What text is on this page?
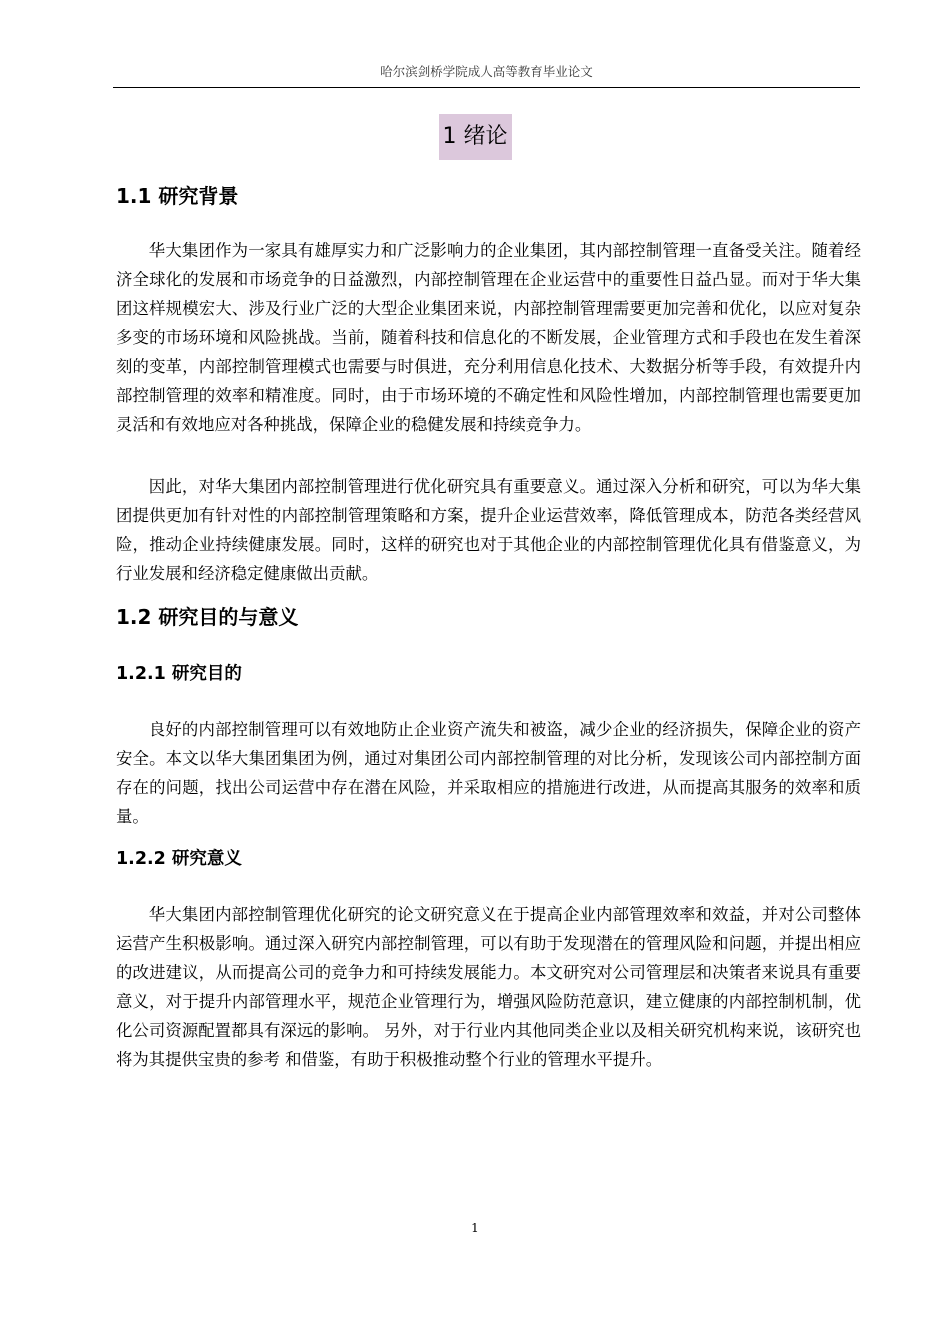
哈尔滨剑桥学院成人高等教育毕业论文
1 绪论
1.1 研究背景

华大集团作为一家具有雄厚实力和广泛影响力的企业集团，其内部控制管理一直备受关注。随着经济全球化的发展和市场竞争的日益激烈，内部控制管理在企业运营中的重要性日益凸显。而对于华大集团这样规模宏大、涉及行业广泛的大型企业集团来说，内部控制管理需要更加完善和优化，以应对复杂多变的市场环境和风险挑战。当前，随着科技和信息化的不断发展，企业管理方式和手段也在发生着深刻的变革，内部控制管理模式也需要与时俱进，充分利用信息化技术、大数据分析等手段，有效提升内部控制管理的效率和精准度。同时，由于市场环境的不确定性和风险性增加，内部控制管理也需要更加灵活和有效地应对各种挑战，保障企业的稳健发展和持续竞争力。

因此，对华大集团内部控制管理进行优化研究具有重要意义。通过深入分析和研究，可以为华大集团提供更加有针对性的内部控制管理策略和方案，提升企业运营效率，降低管理成本，防范各类经营风险，推动企业持续健康发展。同时，这样的研究也对于其他企业的内部控制管理优化具有借鉴意义，为行业发展和经济稳定健康做出贡献。

1.2 研究目的与意义
1.2.1 研究目的

良好的内部控制管理可以有效地防止企业资产流失和被盗，减少企业的经济损失，保障企业的资产安全。本文以华大集团集团为例，通过对集团公司内部控制管理的对比分析，发现该公司内部控制方面存在的问题，找出公司运营中存在潜在风险，并采取相应的措施进行改进，从而提高其服务的效率和质量。

1.2.2 研究意义

华大集团内部控制管理优化研究的论文研究意义在于提高企业内部管理效率和效益，并对公司整体运营产生积极影响。通过深入研究内部控制管理，可以有助于发现潜在的管理风险和问题，并提出相应的改进建议，从而提高公司的竞争力和可持续发展能力。本文研究对公司管理层和决策者来说具有重要意义，对于提升内部管理水平，规范企业管理行为，增强风险防范意识，建立健康的内部控制机制，优化公司资源配置都具有深远的影响。 另外，对于行业内其他同类企业以及相关研究机构来说，该研究也将为其提供宝贵的参考 和借鉴，有助于积极推动整个行业的管理水平提升。

1
